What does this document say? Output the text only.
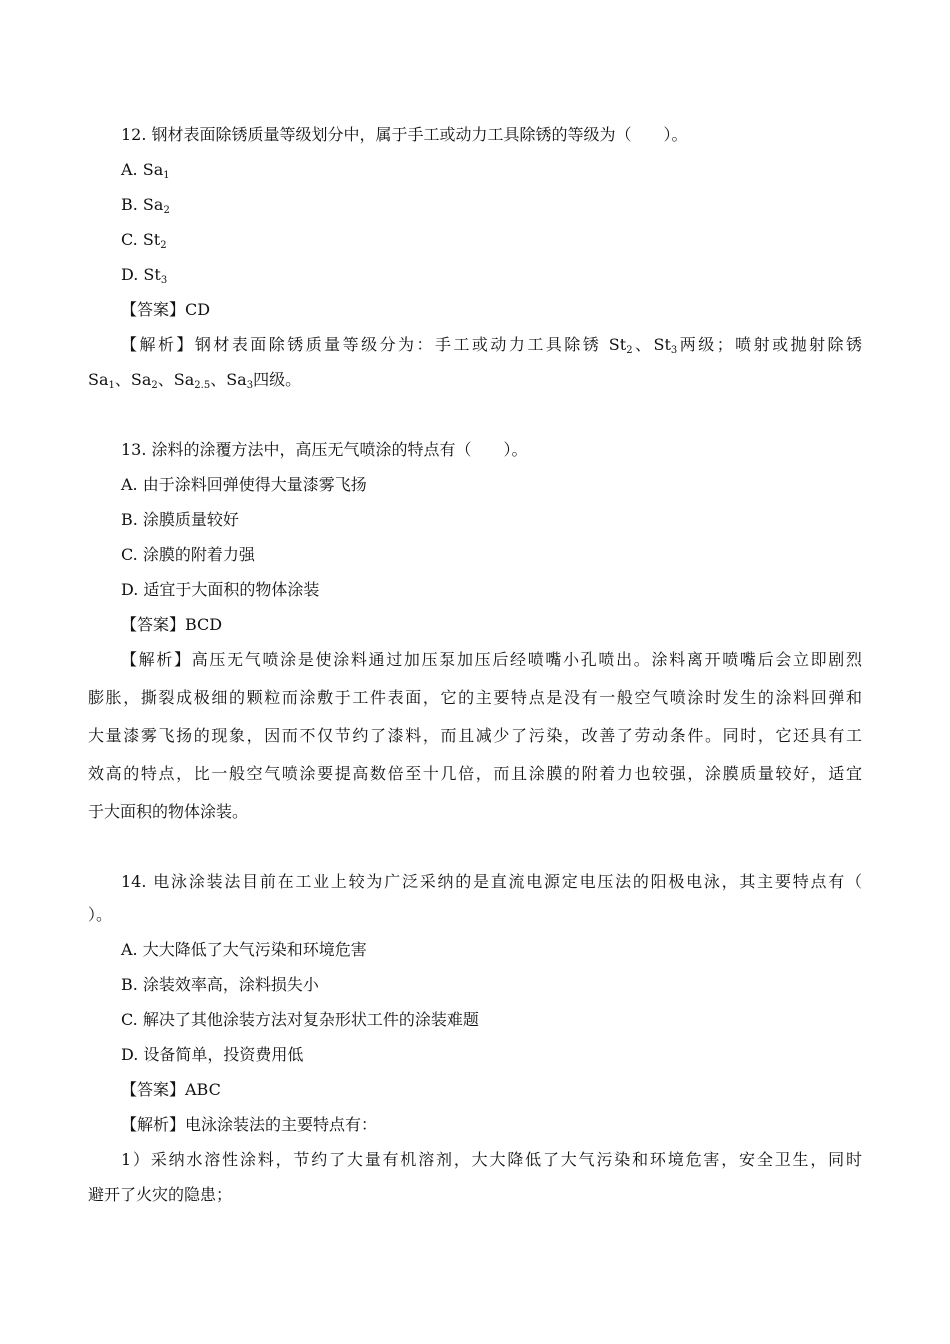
12. 钢材表面除锈质量等级划分中，属于手工或动力工具除锈的等级为（　　）。
A. $Sa_1$
B. $Sa_2$
C. $St_2$
D. $St_3$
【答案】CD
【解析】钢材表面除锈质量等级分为：手工或动力工具除锈 $St_2$、$St_3$两级；喷射或抛射除锈
$Sa_1$、$Sa_2$、$Sa_{2.5}$、$Sa_3$四级。
13. 涂料的涂覆方法中，高压无气喷涂的特点有（　　）。
A. 由于涂料回弹使得大量漆雾飞扬
B. 涂膜质量较好
C. 涂膜的附着力强
D. 适宜于大面积的物体涂装
【答案】BCD
【解析】高压无气喷涂是使涂料通过加压泵加压后经喷嘴小孔喷出。涂料离开喷嘴后会立即剧烈
膨胀，撕裂成极细的颗粒而涂敷于工件表面，它的主要特点是没有一般空气喷涂时发生的涂料回弹和
大量漆雾飞扬的现象，因而不仅节约了漆料，而且减少了污染，改善了劳动条件。同时，它还具有工
效高的特点，比一般空气喷涂要提高数倍至十几倍，而且涂膜的附着力也较强，涂膜质量较好，适宜
于大面积的物体涂装。
14. 电泳涂装法目前在工业上较为广泛采纳的是直流电源定电压法的阳极电泳，其主要特点有（
）。
A. 大大降低了大气污染和环境危害
B. 涂装效率高，涂料损失小
C. 解决了其他涂装方法对复杂形状工件的涂装难题
D. 设备简单，投资费用低
【答案】ABC
【解析】电泳涂装法的主要特点有：
1）采纳水溶性涂料，节约了大量有机溶剂，大大降低了大气污染和环境危害，安全卫生，同时
避开了火灾的隐患；
